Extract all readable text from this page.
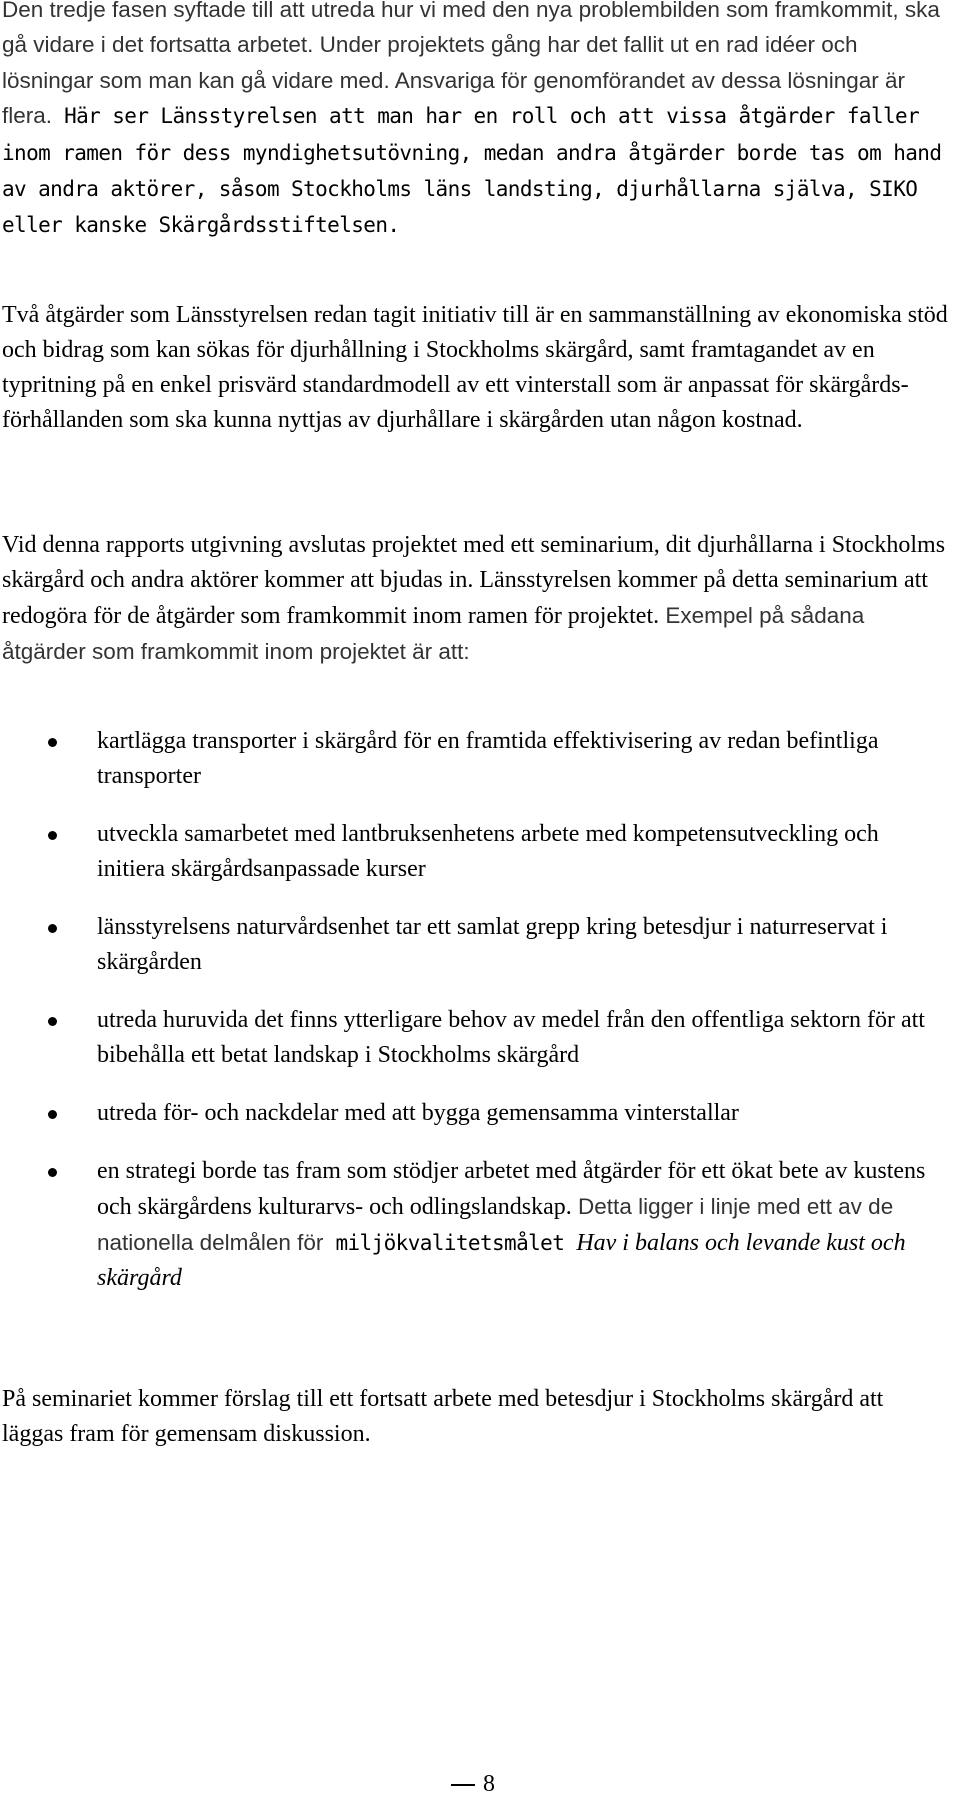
Den tredje fasen syftade till att utreda hur vi med den nya problembilden som framkommit, ska gå vidare i det fortsatta arbetet. Under projektets gång har det fallit ut en rad idéer och lösningar som man kan gå vidare med. Ansvariga för genomförandet av dessa lösningar är flera. Här ser Länsstyrelsen att man har en roll och att vissa åtgärder faller inom ramen för dess myndighetsutövning, medan andra åtgärder borde tas om hand av andra aktörer, såsom Stockholms läns landsting, djurhållarna själva, SIKO eller kanske Skärgårdsstiftelsen.

Två åtgärder som Länsstyrelsen redan tagit initiativ till är en sammanställning av ekonomiska stöd och bidrag som kan sökas för djurhållning i Stockholms skärgård, samt framtagandet av en typritning på en enkel prisvärd standardmodell av ett vinterstall som är anpassat för skärgårdsförhållanden som ska kunna nyttjas av djurhållare i skärgården utan någon kostnad.

Vid denna rapports utgivning avslutas projektet med ett seminarium, dit djurhållarna i Stockholms skärgård och andra aktörer kommer att bjudas in. Länsstyrelsen kommer på detta seminarium att redogöra för de åtgärder som framkommit inom ramen för projektet. Exempel på sådana åtgärder som framkommit inom projektet är att:

kartlägga transporter i skärgård för en framtida effektivisering av redan befintliga transporter
utveckla samarbetet med lantbruksenhetens arbete med kompetensutveckling och initiera skärgårdsanpassade kurser
länsstyrelsens naturvårdsenhet tar ett samlat grepp kring betesdjur i naturreservat i skärgården
utreda huruvida det finns ytterligare behov av medel från den offentliga sektorn för att bibehålla ett betat landskap i Stockholms skärgård
utreda för- och nackdelar med att bygga gemensamma vinterstallar
en strategi borde tas fram som stödjer arbetet med åtgärder för ett ökat bete av kustens och skärgårdens kulturarvs- och odlingslandskap. Detta ligger i linje med ett av de nationella delmålen för miljökvalitetsmålet Hav i balans och levande kust och skärgård

På seminariet kommer förslag till ett fortsatt arbete med betesdjur i Stockholms skärgård att läggas fram för gemensam diskussion.

8
